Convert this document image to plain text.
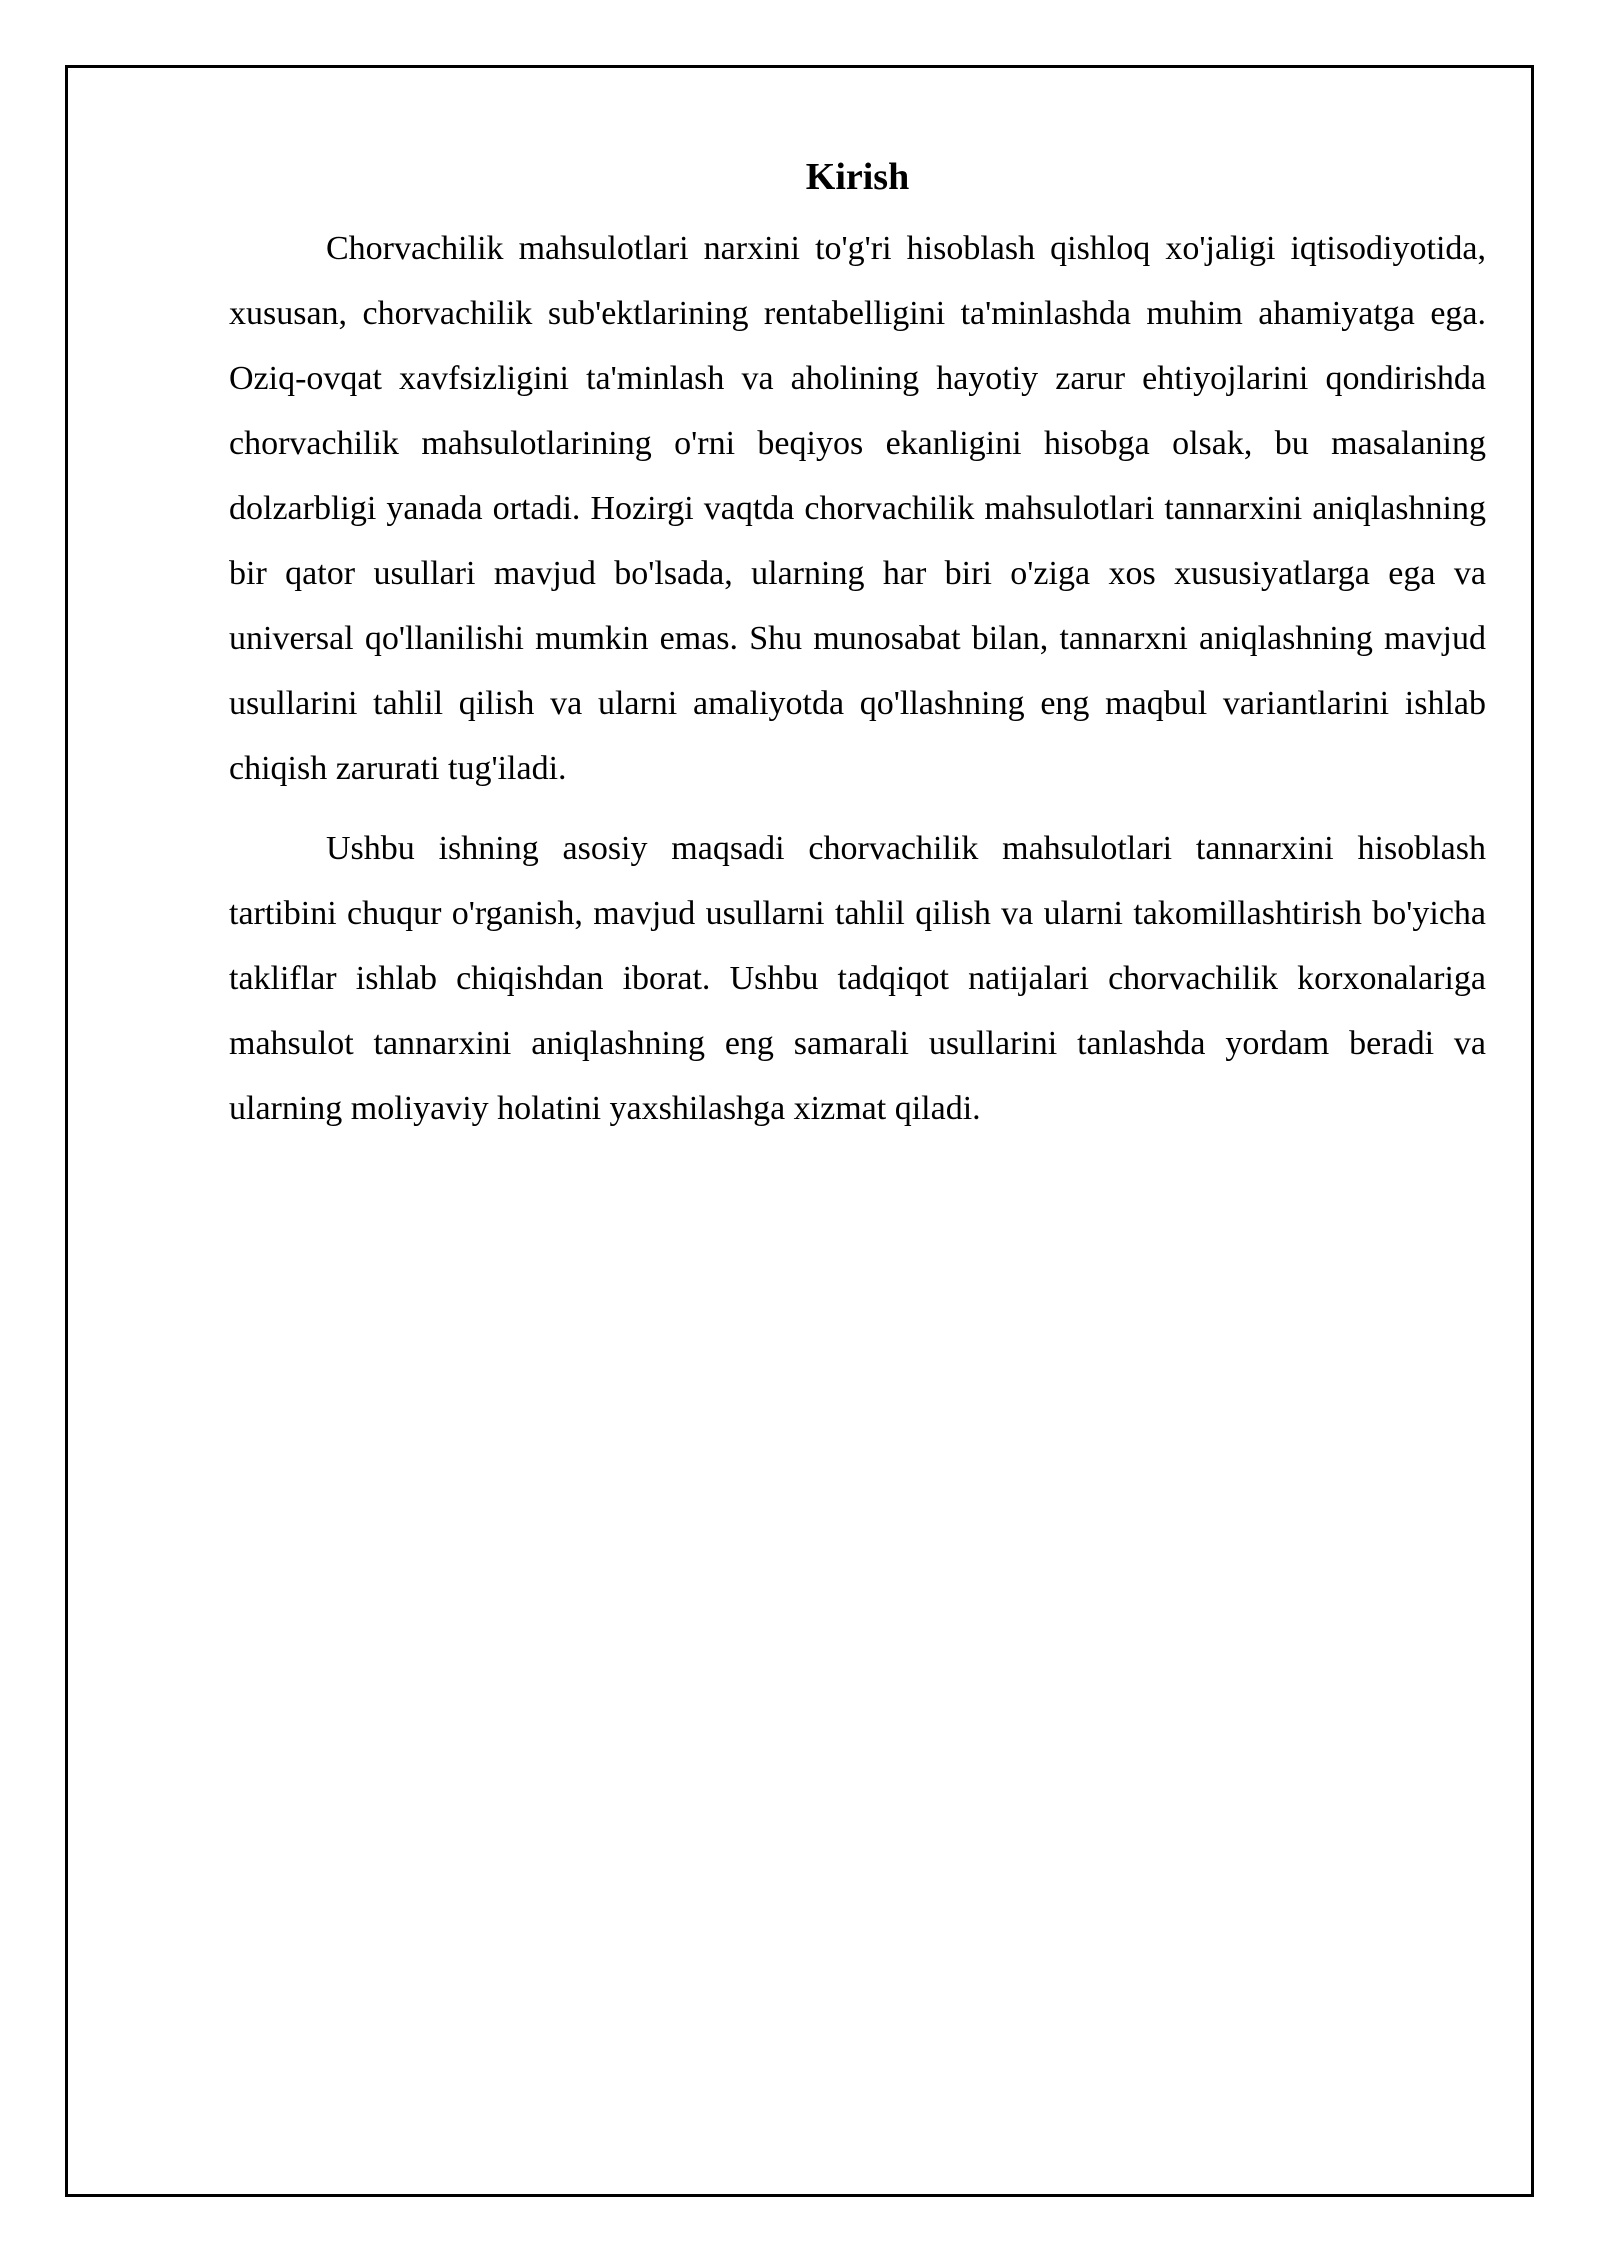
Kirish

Chorvachilik mahsulotlari narxini to'g'ri hisoblash qishloq xo'jaligi iqtisodiyotida, xususan, chorvachilik sub'ektlarining rentabelligini ta'minlashda muhim ahamiyatga ega. Oziq-ovqat xavfsizligini ta'minlash va aholining hayotiy zarur ehtiyojlarini qondirishda chorvachilik mahsulotlarining o'rni beqiyos ekanligini hisobga olsak, bu masalaning dolzarbligi yanada ortadi. Hozirgi vaqtda chorvachilik mahsulotlari tannarxini aniqlashning bir qator usullari mavjud bo'lsada, ularning har biri o'ziga xos xususiyatlarga ega va universal qo'llanilishi mumkin emas. Shu munosabat bilan, tannarxni aniqlashning mavjud usullarini tahlil qilish va ularni amaliyotda qo'llashning eng maqbul variantlarini ishlab chiqish zarurati tug'iladi.

Ushbu ishning asosiy maqsadi chorvachilik mahsulotlari tannarxini hisoblash tartibini chuqur o'rganish, mavjud usullarni tahlil qilish va ularni takomillashtirish bo'yicha takliflar ishlab chiqishdan iborat. Ushbu tadqiqot natijalari chorvachilik korxonalariga mahsulot tannarxini aniqlashning eng samarali usullarini tanlashda yordam beradi va ularning moliyaviy holatini yaxshilashga xizmat qiladi.
